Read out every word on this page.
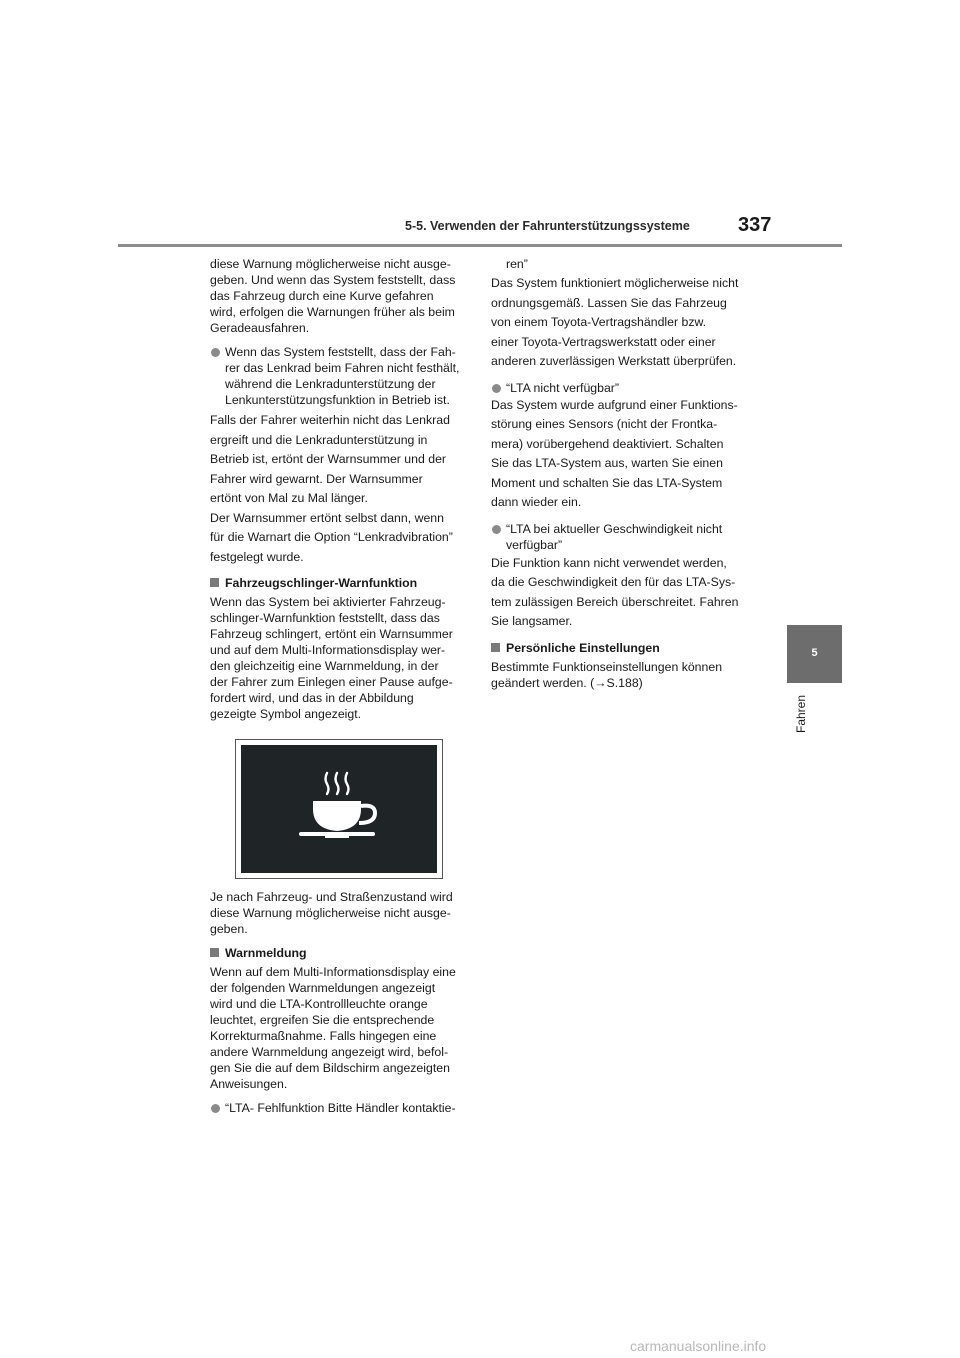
5-5. Verwenden der Fahrunterstützungssysteme 337
5
Fahren
diese Warnung möglicherweise nicht ausge-
geben. Und wenn das System feststellt, dass
das Fahrzeug durch eine Kurve gefahren
wird, erfolgen die Warnungen früher als beim
Geradeausfahren.
Wenn das System feststellt, dass der Fah-
rer das Lenkrad beim Fahren nicht festhält,
während die Lenkradunterstützung der
Lenkunterstützungsfunktion in Betrieb ist.
Falls der Fahrer weiterhin nicht das Lenkrad
ergreift und die Lenkradunterstützung in
Betrieb ist, ertönt der Warnsummer und der
Fahrer wird gewarnt. Der Warnsummer
ertönt von Mal zu Mal länger.
Der Warnsummer ertönt selbst dann, wenn
für die Warnart die Option “Lenkradvibration”
festgelegt wurde.
Fahrzeugschlinger-Warnfunktion
Wenn das System bei aktivierter Fahrzeug-
schlinger-Warnfunktion feststellt, dass das
Fahrzeug schlingert, ertönt ein Warnsummer
und auf dem Multi-Informationsdisplay wer-
den gleichzeitig eine Warnmeldung, in der
der Fahrer zum Einlegen einer Pause aufge-
fordert wird, und das in der Abbildung
gezeigte Symbol angezeigt.
Je nach Fahrzeug- und Straßenzustand wird
diese Warnung möglicherweise nicht ausge-
geben.
Warnmeldung
Wenn auf dem Multi-Informationsdisplay eine
der folgenden Warnmeldungen angezeigt
wird und die LTA-Kontrollleuchte orange
leuchtet, ergreifen Sie die entsprechende
Korrekturmaßnahme. Falls hingegen eine
andere Warnmeldung angezeigt wird, befol-
gen Sie die auf dem Bildschirm angezeigten
Anweisungen.
“LTA- Fehlfunktion Bitte Händler kontaktie-
ren”
Das System funktioniert möglicherweise nicht
ordnungsgemäß. Lassen Sie das Fahrzeug
von einem Toyota-Vertragshändler bzw.
einer Toyota-Vertragswerkstatt oder einer
anderen zuverlässigen Werkstatt überprüfen.
“LTA nicht verfügbar”
Das System wurde aufgrund einer Funktions-
störung eines Sensors (nicht der Frontka-
mera) vorübergehend deaktiviert. Schalten
Sie das LTA-System aus, warten Sie einen
Moment und schalten Sie das LTA-System
dann wieder ein.
“LTA bei aktueller Geschwindigkeit nicht
verfügbar”
Die Funktion kann nicht verwendet werden,
da die Geschwindigkeit den für das LTA-Sys-
tem zulässigen Bereich überschreitet. Fahren
Sie langsamer.
Persönliche Einstellungen
Bestimmte Funktionseinstellungen können
geändert werden. (→S.188)
carmanualsonline.info
